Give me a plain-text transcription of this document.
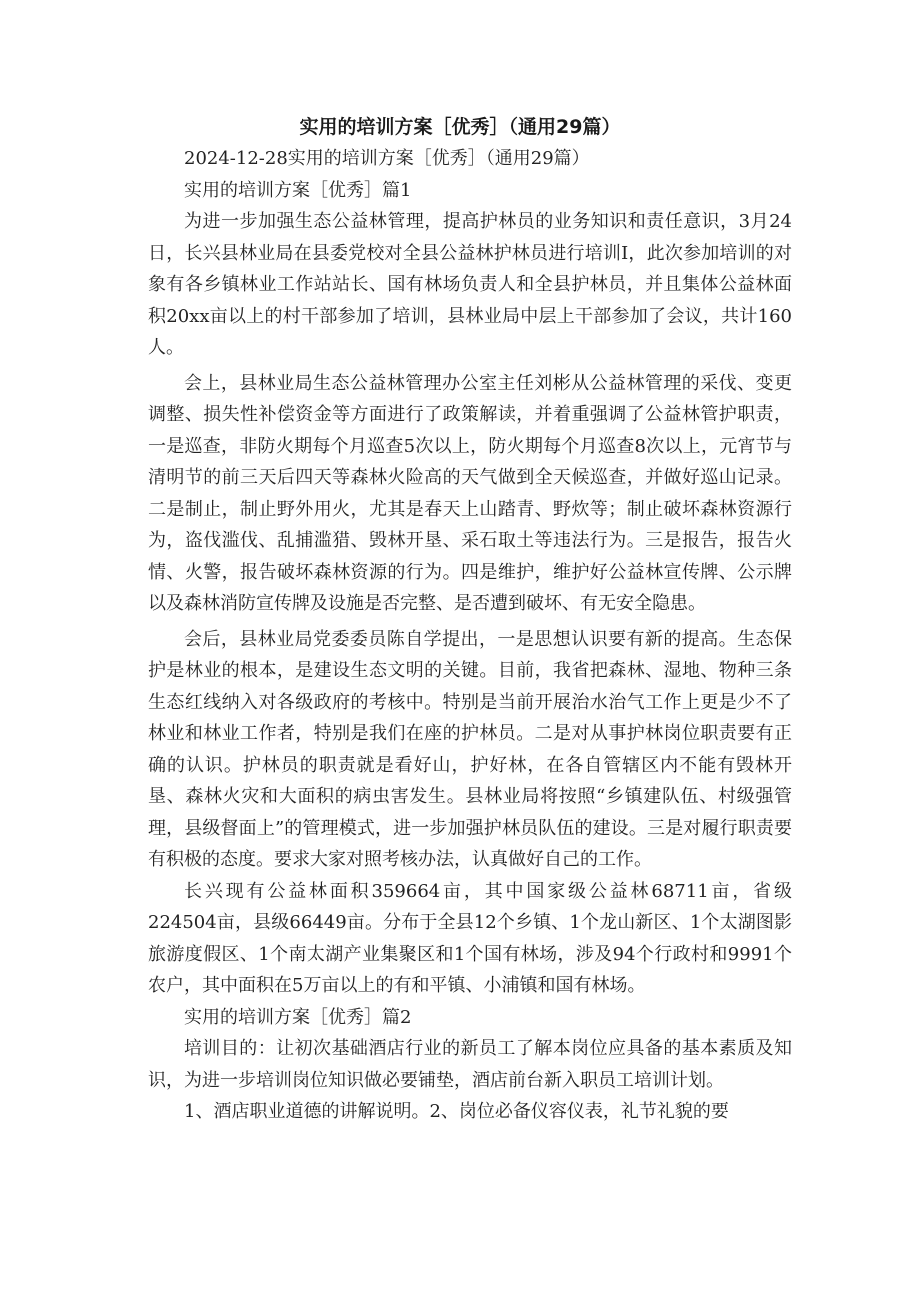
实用的培训方案［优秀］（通用29篇）

2024-12-28实用的培训方案［优秀］（通用29篇）

实用的培训方案［优秀］篇1

为进一步加强生态公益林管理，提高护林员的业务知识和责任意识，3月24日，长兴县林业局在县委党校对全县公益林护林员进行培训I，此次参加培训的对象有各乡镇林业工作站站长、国有林场负责人和全县护林员，并且集体公益林面积20xx亩以上的村干部参加了培训，县林业局中层上干部参加了会议，共计160人。

会上，县林业局生态公益林管理办公室主任刘彬从公益林管理的采伐、变更调整、损失性补偿资金等方面进行了政策解读，并着重强调了公益林管护职责，一是巡查，非防火期每个月巡查5次以上，防火期每个月巡查8次以上，元宵节与清明节的前三天后四天等森林火险高的天气做到全天候巡查，并做好巡山记录。二是制止，制止野外用火，尤其是春天上山踏青、野炊等；制止破坏森林资源行为，盗伐滥伐、乱捕滥猎、毁林开垦、采石取土等违法行为。三是报告，报告火情、火警，报告破坏森林资源的行为。四是维护，维护好公益林宣传牌、公示牌以及森林消防宣传牌及设施是否完整、是否遭到破坏、有无安全隐患。

会后，县林业局党委委员陈自学提出，一是思想认识要有新的提高。生态保护是林业的根本，是建设生态文明的关键。目前，我省把森林、湿地、物种三条生态红线纳入对各级政府的考核中。特别是当前开展治水治气工作上更是少不了林业和林业工作者，特别是我们在座的护林员。二是对从事护林岗位职责要有正确的认识。护林员的职责就是看好山，护好林，在各自管辖区内不能有毁林开垦、森林火灾和大面积的病虫害发生。县林业局将按照“乡镇建队伍、村级强管理，县级督面上”的管理模式，进一步加强护林员队伍的建设。三是对履行职责要有积极的态度。要求大家对照考核办法，认真做好自己的工作。

长兴现有公益林面积359664亩，其中国家级公益林68711亩，省级224504亩，县级66449亩。分布于全县12个乡镇、1个龙山新区、1个太湖图影旅游度假区、1个南太湖产业集聚区和1个国有林场，涉及94个行政村和9991个农户，其中面积在5万亩以上的有和平镇、小浦镇和国有林场。

实用的培训方案［优秀］篇2

培训目的：让初次基础酒店行业的新员工了解本岗位应具备的基本素质及知识，为进一步培训岗位知识做必要铺垫，酒店前台新入职员工培训计划。

1、酒店职业道德的讲解说明。2、岗位必备仪容仪表，礼节礼貌的要
